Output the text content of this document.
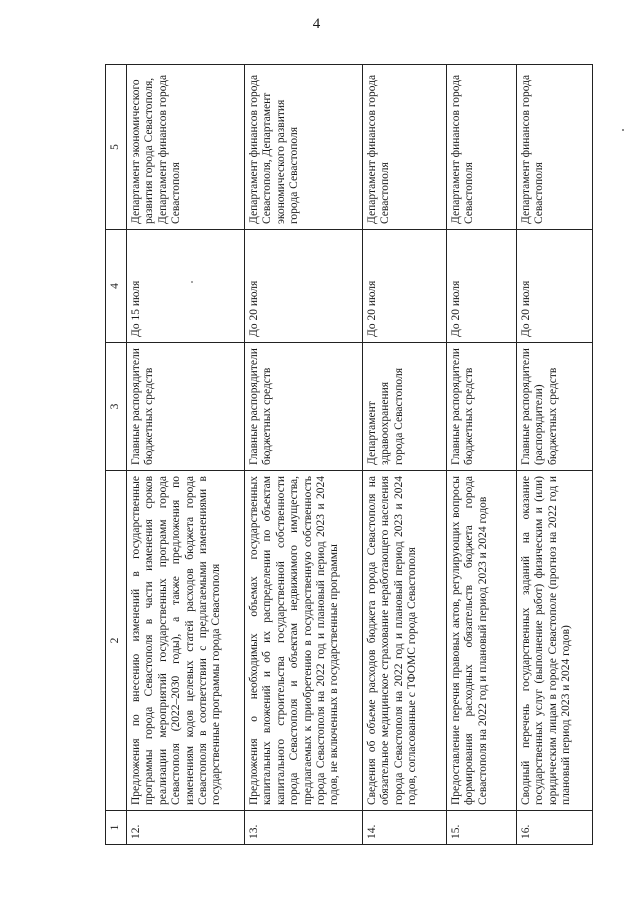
4
1	2	3	4	5
12.	Предложения по внесению изменений в государственные программы города Севастополя в части изменения сроков реализации мероприятий государственных программ города Севастополя (2022–2030 годы), а также предложения по изменениям кодов целевых статей расходов бюджета города Севастополя в соответствии с предлагаемыми изменениями в государственные программы города Севастополя	Главные распорядители бюджетных средств	До 15 июля	Департамент экономического развития города Севастополя, Департамент финансов города Севастополя
13.	Предложения о необходимых объемах государственных капитальных вложений и об их распределении по объектам капитального строительства государственной собственности города Севастополя и объектам недвижимого имущества, предлагаемых к приобретению в государственную собственность города Севастополя на 2022 год и плановый период 2023 и 2024 годов, не включенных в государственные программы	Главные распорядители бюджетных средств	До 20 июля	Департамент финансов города Севастополя, Департамент экономического развития города Севастополя
14.	Сведения об объеме расходов бюджета города Севастополя на обязательное медицинское страхование неработающего населения города Севастополя на 2022 год и плановый период 2023 и 2024 годов, согласованные с ТФОМС города Севастополя	Департамент здравоохранения города Севастополя	До 20 июля	Департамент финансов города Севастополя
15.	Предоставление перечня правовых актов, регулирующих вопросы формирования расходных обязательств бюджета города Севастополя на 2022 год и плановый период 2023 и 2024 годов	Главные распорядители бюджетных средств	До 20 июля	Департамент финансов города Севастополя
16.	Сводный перечень государственных заданий на оказание государственных услуг (выполнение работ) физическим и (или) юридическим лицам в городе Севастополе (прогноз на 2022 год и плановый период 2023 и 2024 годов)	Главные распорядители (распорядители) бюджетных средств	До 20 июля	Департамент финансов города Севастополя
